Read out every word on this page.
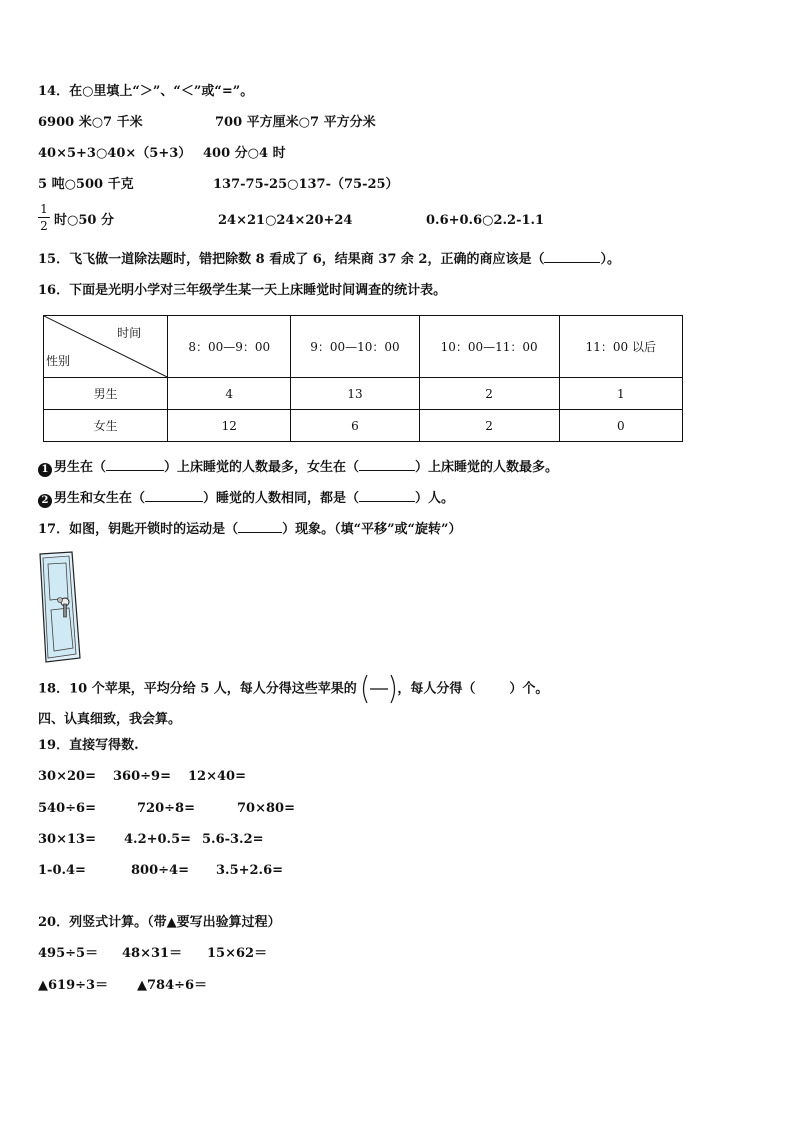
14．在○里填上“＞”、“＜”或“=”。
6900 米○7 千米	700 平方厘米○7 平方分米
40×5+3○40×（5+3） 400 分○4 时
5 吨○500 千克	137-75-25○137-（75-25）
1
2 时○50 分	24×21○24×20+24	0.6+0.6○2.2-1.1
15．飞飞做一道除法题时，错把除数 8 看成了 6，结果商 37 余 2，正确的商应该是（	）。
16．下面是光明小学对三年级学生某一天上床睡觉时间调查的统计表。
时间
性别	8：00—9：00	9：00—10：00	10：00—11：00	11：00 以后
男生	4	13	2	1
女生	12	6	2	0
1 男生在（	）上床睡觉的人数最多，女生在（	）上床睡觉的人数最多。
2 男生和女生在（	）睡觉的人数相同，都是（	）人。
17．如图，钥匙开锁时的运动是（	）现象。（填“平移”或“旋转”）
18．10 个苹果，平均分给 5 人，每人分得这些苹果的	，每人分得（	）个。
四、认真细致，我会算。
19．直接写得数.
30×20= 360÷9= 12×40=
540÷6=	720÷8=	70×80=
30×13= 4.2+0.5= 5.6-3.2=
1-0.4=	800÷4= 3.5+2.6=
20．列竖式计算。（带▲要写出验算过程）
495÷5＝ 48×31＝ 15×62＝
▲619÷3＝ ▲784÷6＝
